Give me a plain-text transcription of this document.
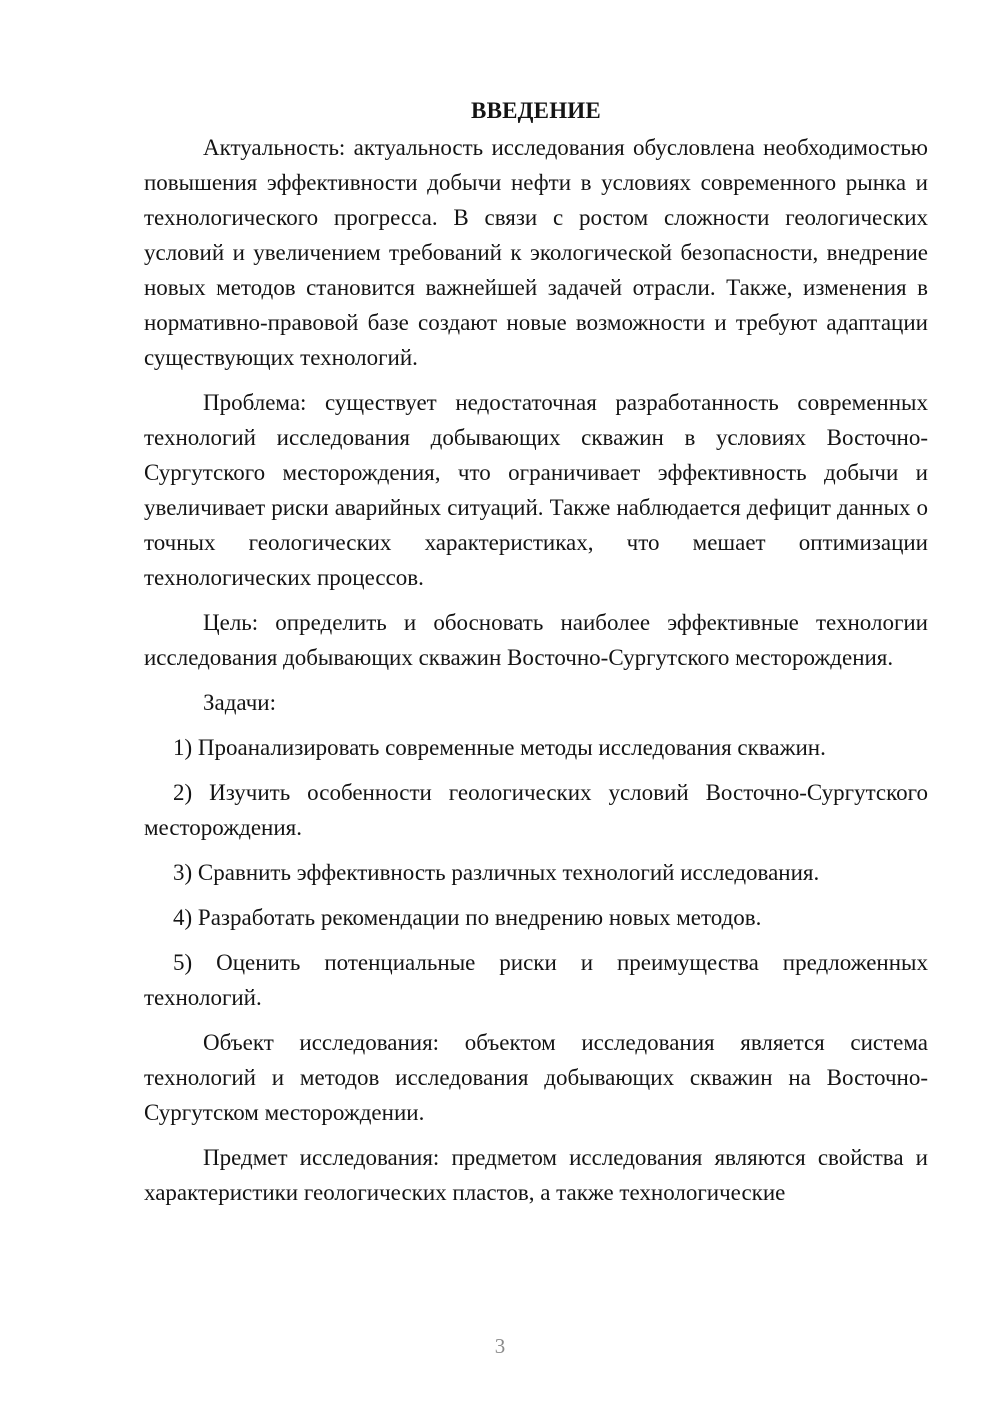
ВВЕДЕНИЕ

Актуальность: актуальность исследования обусловлена необходимостью повышения эффективности добычи нефти в условиях современного рынка и технологического прогресса. В связи с ростом сложности геологических условий и увеличением требований к экологической безопасности, внедрение новых методов становится важнейшей задачей отрасли. Также, изменения в нормативно-правовой базе создают новые возможности и требуют адаптации существующих технологий.

Проблема: существует недостаточная разработанность современных технологий исследования добывающих скважин в условиях Восточно-Сургутского месторождения, что ограничивает эффективность добычи и увеличивает риски аварийных ситуаций. Также наблюдается дефицит данных о точных геологических характеристиках, что мешает оптимизации технологических процессов.

Цель: определить и обосновать наиболее эффективные технологии исследования добывающих скважин Восточно-Сургутского месторождения.

Задачи:

1) Проанализировать современные методы исследования скважин.

2) Изучить особенности геологических условий Восточно-Сургутского месторождения.

3) Сравнить эффективность различных технологий исследования.

4) Разработать рекомендации по внедрению новых методов.

5) Оценить потенциальные риски и преимущества предложенных технологий.

Объект исследования: объектом исследования является система технологий и методов исследования добывающих скважин на Восточно-Сургутском месторождении.

Предмет исследования: предметом исследования являются свойства и характеристики геологических пластов, а также технологические

3
